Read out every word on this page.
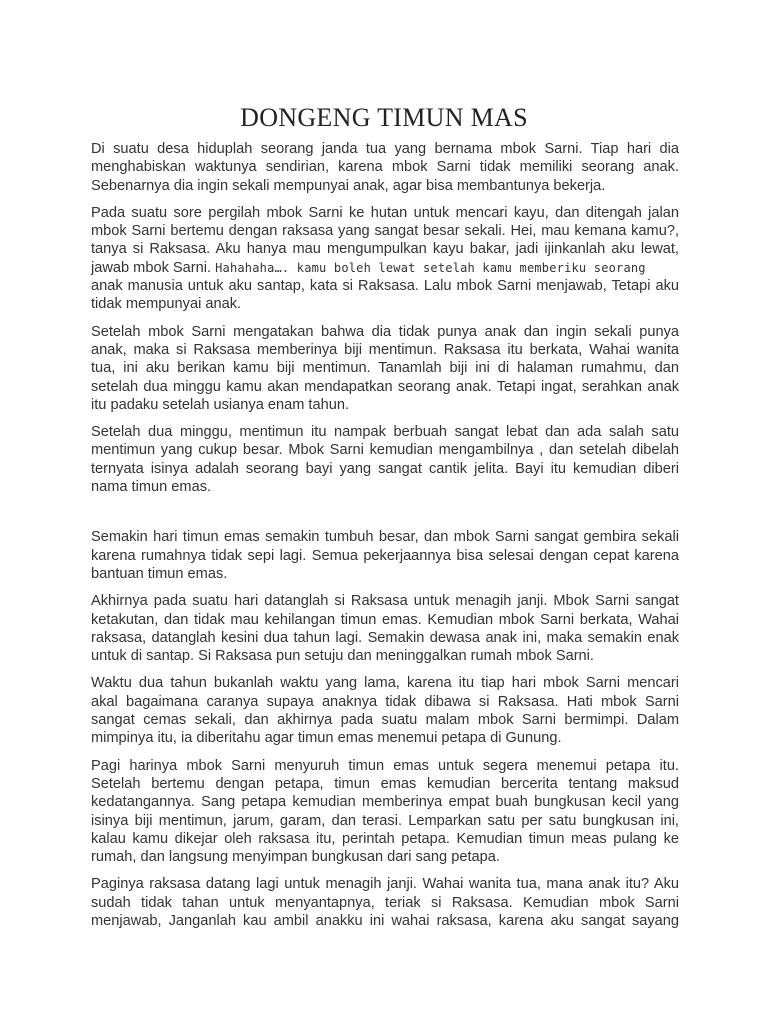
DONGENG TIMUN MAS

Di suatu desa hiduplah seorang janda tua yang bernama mbok Sarni. Tiap hari dia
menghabiskan waktunya sendirian, karena mbok Sarni tidak memiliki seorang anak.
Sebenarnya dia ingin sekali mempunyai anak, agar bisa membantunya bekerja.

Pada suatu sore pergilah mbok Sarni ke hutan untuk mencari kayu, dan ditengah jalan
mbok Sarni bertemu dengan raksasa yang sangat besar sekali. Hei, mau kemana kamu?,
tanya si Raksasa. Aku hanya mau mengumpulkan kayu bakar, jadi ijinkanlah aku lewat,
jawab mbok Sarni. Hahahaha…. kamu boleh lewat setelah kamu memberiku seorang
anak manusia untuk aku santap, kata si Raksasa. Lalu mbok Sarni menjawab, Tetapi aku
tidak mempunyai anak.

Setelah mbok Sarni mengatakan bahwa dia tidak punya anak dan ingin sekali punya
anak, maka si Raksasa memberinya biji mentimun. Raksasa itu berkata, Wahai wanita
tua, ini aku berikan kamu biji mentimun. Tanamlah biji ini di halaman rumahmu, dan
setelah dua minggu kamu akan mendapatkan seorang anak. Tetapi ingat, serahkan anak
itu padaku setelah usianya enam tahun.

Setelah dua minggu, mentimun itu nampak berbuah sangat lebat dan ada salah satu
mentimun yang cukup besar. Mbok Sarni kemudian mengambilnya , dan setelah dibelah
ternyata isinya adalah seorang bayi yang sangat cantik jelita. Bayi itu kemudian diberi
nama timun emas.

Semakin hari timun emas semakin tumbuh besar, dan mbok Sarni sangat gembira sekali
karena rumahnya tidak sepi lagi. Semua pekerjaannya bisa selesai dengan cepat karena
bantuan timun emas.

Akhirnya pada suatu hari datanglah si Raksasa untuk menagih janji. Mbok Sarni sangat
ketakutan, dan tidak mau kehilangan timun emas. Kemudian mbok Sarni berkata, Wahai
raksasa, datanglah kesini dua tahun lagi. Semakin dewasa anak ini, maka semakin enak
untuk di santap. Si Raksasa pun setuju dan meninggalkan rumah mbok Sarni.

Waktu dua tahun bukanlah waktu yang lama, karena itu tiap hari mbok Sarni mencari
akal bagaimana caranya supaya anaknya tidak dibawa si Raksasa. Hati mbok Sarni
sangat cemas sekali, dan akhirnya pada suatu malam mbok Sarni bermimpi. Dalam
mimpinya itu, ia diberitahu agar timun emas menemui petapa di Gunung.

Pagi harinya mbok Sarni menyuruh timun emas untuk segera menemui petapa itu.
Setelah bertemu dengan petapa, timun emas kemudian bercerita tentang maksud
kedatangannya. Sang petapa kemudian memberinya empat buah bungkusan kecil yang
isinya biji mentimun, jarum, garam, dan terasi. Lemparkan satu per satu bungkusan ini,
kalau kamu dikejar oleh raksasa itu, perintah petapa. Kemudian timun meas pulang ke
rumah, dan langsung menyimpan bungkusan dari sang petapa.

Paginya raksasa datang lagi untuk menagih janji. Wahai wanita tua, mana anak itu? Aku
sudah tidak tahan untuk menyantapnya, teriak si Raksasa. Kemudian mbok Sarni
menjawab, Janganlah kau ambil anakku ini wahai raksasa, karena aku sangat sayang
